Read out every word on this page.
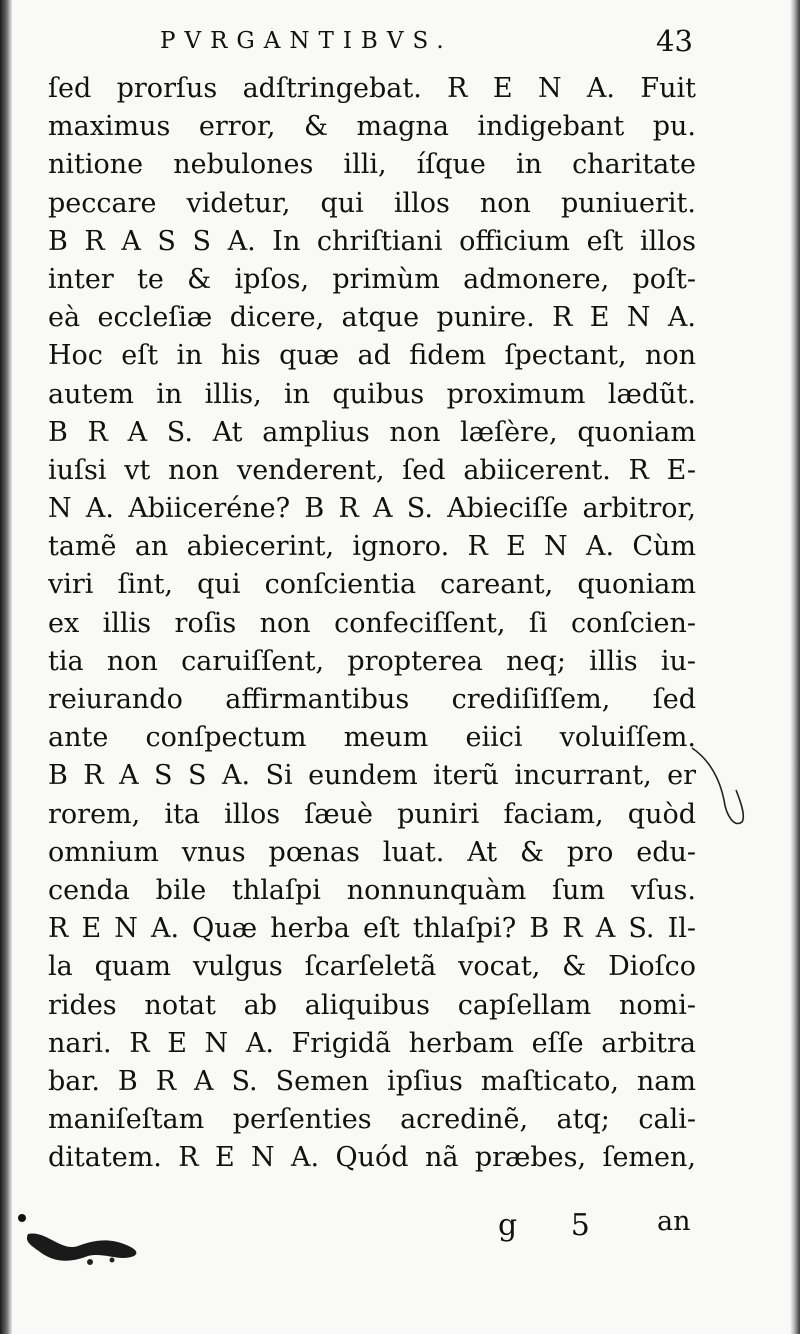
PVRGANTIBVS.	43
ſed prorſus adſtringebat. R E N A. Fuit
maximus error, & magna indigebant pu.
nitione nebulones illi, íſque in charitate
peccare videtur, qui illos non puniuerit.
B R A S S A. In chriſtiani officium eſt illos
inter te & ipſos, primùm admonere, poſt-
eà eccleſiæ dicere, atque punire. R E N A.
Hoc eſt in his quæ ad fidem ſpectant, non
autem in illis, in quibus proximum lædũt.
B R A S. At amplius non læſère, quoniam
iuſsi vt non venderent, ſed abiicerent. R E-
N A. Abiiceréne? B R A S. Abieciſſe arbitror,
tamẽ an abiecerint, ignoro. R E N A. Cùm
viri ſint, qui conſcientia careant, quoniam
ex illis roſis non confeciſſent, ſi conſcien-
tia non caruiſſent, propterea neq; illis iu-
reiurando affirmantibus crediſiſſem, ſed
ante conſpectum meum eiici voluiſſem.
B R A S S A. Si eundem iterũ incurrant, er
rorem, ita illos ſæuè puniri faciam, quòd
omnium vnus pœnas luat. At & pro edu-
cenda bile thlaſpi nonnunquàm ſum vſus.
R E N A. Quæ herba eſt thlaſpi? B R A S. Il-
la quam vulgus ſcarſeletã vocat, & Dioſco
rides notat ab aliquibus capſellam nomi-
nari. R E N A. Frigidã herbam eſſe arbitra
bar. B R A S. Semen ipſius maſticato, nam
maniſeſtam perſenties acredinẽ, atq; cali-
ditatem. R E N A. Quód nã præbes, ſemen,
g 5 an
